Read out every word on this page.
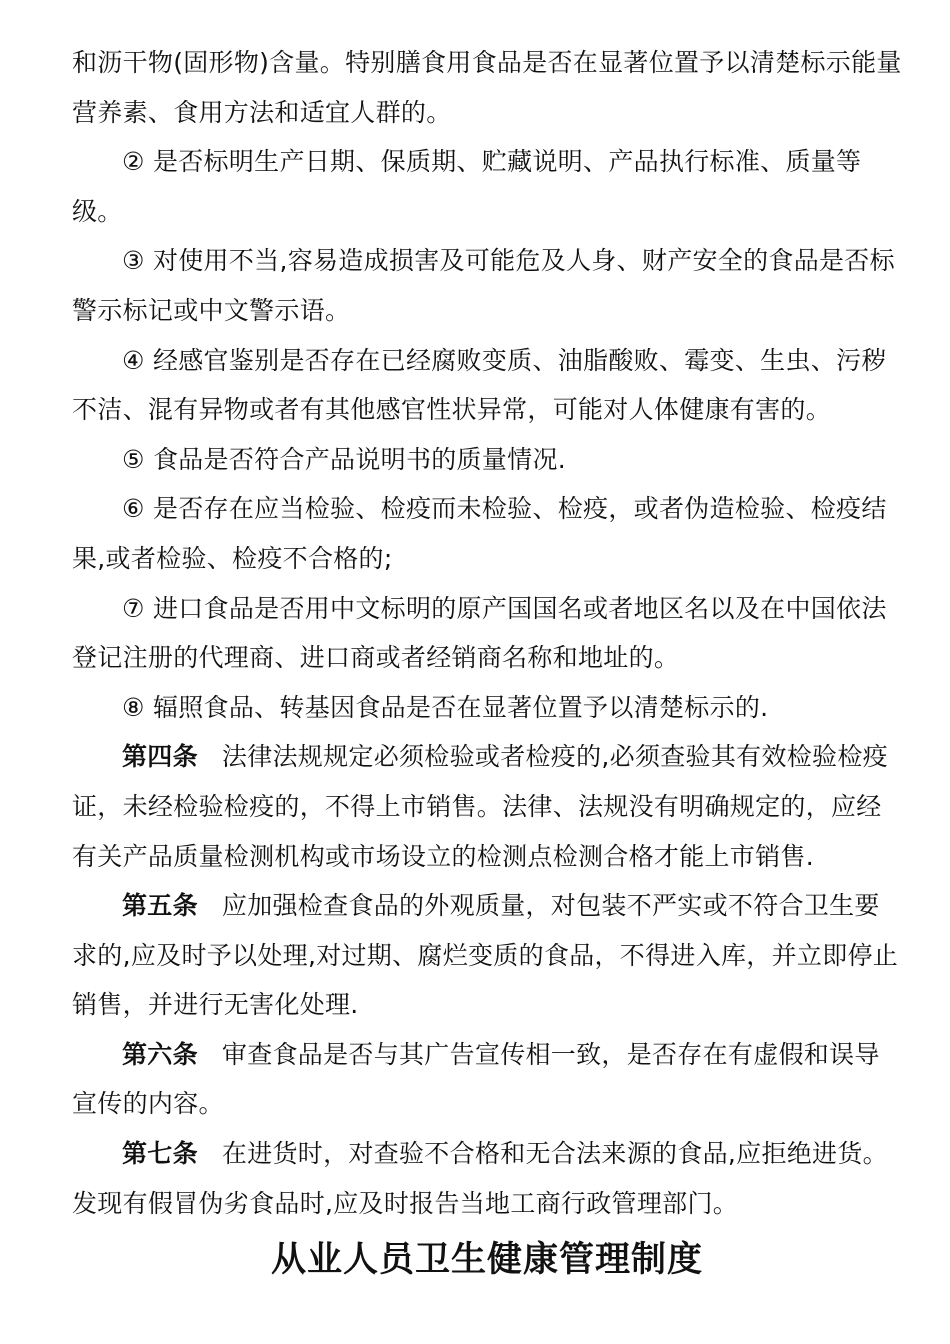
和沥干物(固形物)含量。特别膳食用食品是否在显著位置予以清楚标示能量营养素、食用方法和适宜人群的。

② 是否标明生产日期、保质期、贮藏说明、产品执行标准、质量等级。

③ 对使用不当,容易造成损害及可能危及人身、财产安全的食品是否标警示标记或中文警示语。

④ 经感官鉴别是否存在已经腐败变质、油脂酸败、霉变、生虫、污秽不洁、混有异物或者有其他感官性状异常，可能对人体健康有害的。

⑤ 食品是否符合产品说明书的质量情况.

⑥ 是否存在应当检验、检疫而未检验、检疫，或者伪造检验、检疫结果,或者检验、检疫不合格的;

⑦ 进口食品是否用中文标明的原产国国名或者地区名以及在中国依法登记注册的代理商、进口商或者经销商名称和地址的。

⑧ 辐照食品、转基因食品是否在显著位置予以清楚标示的.

第四条 法律法规规定必须检验或者检疫的,必须查验其有效检验检疫证，未经检验检疫的，不得上市销售。法律、法规没有明确规定的，应经有关产品质量检测机构或市场设立的检测点检测合格才能上市销售.

第五条 应加强检查食品的外观质量，对包装不严实或不符合卫生要求的,应及时予以处理,对过期、腐烂变质的食品，不得进入库，并立即停止销售，并进行无害化处理.

第六条 审查食品是否与其广告宣传相一致，是否存在有虚假和误导宣传的内容。

第七条 在进货时，对查验不合格和无合法来源的食品,应拒绝进货。发现有假冒伪劣食品时,应及时报告当地工商行政管理部门。

从业人员卫生健康管理制度
